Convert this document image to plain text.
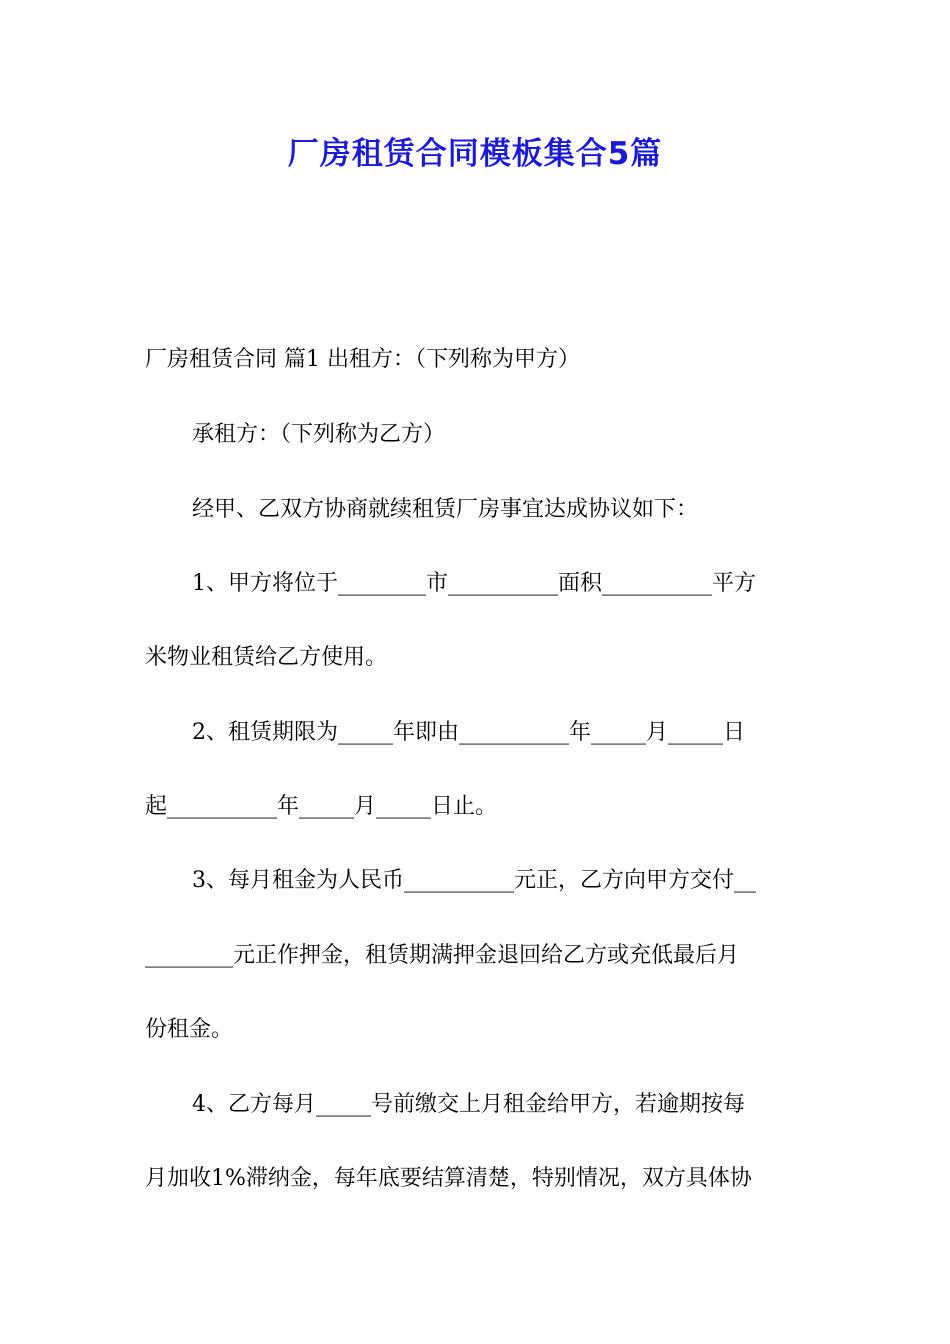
厂房租赁合同模板集合5篇
厂房租赁合同 篇1 出租方：（下列称为甲方）
承租方：（下列称为乙方）
经甲、乙双方协商就续租赁厂房事宜达成协议如下：
1、甲方将位于________市__________面积__________平方
米物业租赁给乙方使用。
2、租赁期限为_____年即由__________年_____月_____日
起__________年_____月_____日止。
3、每月租金为人民币__________元正，乙方向甲方交付__
________元正作押金，租赁期满押金退回给乙方或充低最后月
份租金。
4、乙方每月_____号前缴交上月租金给甲方，若逾期按每
月加收1%滞纳金，每年底要结算清楚，特别情况，双方具体协
